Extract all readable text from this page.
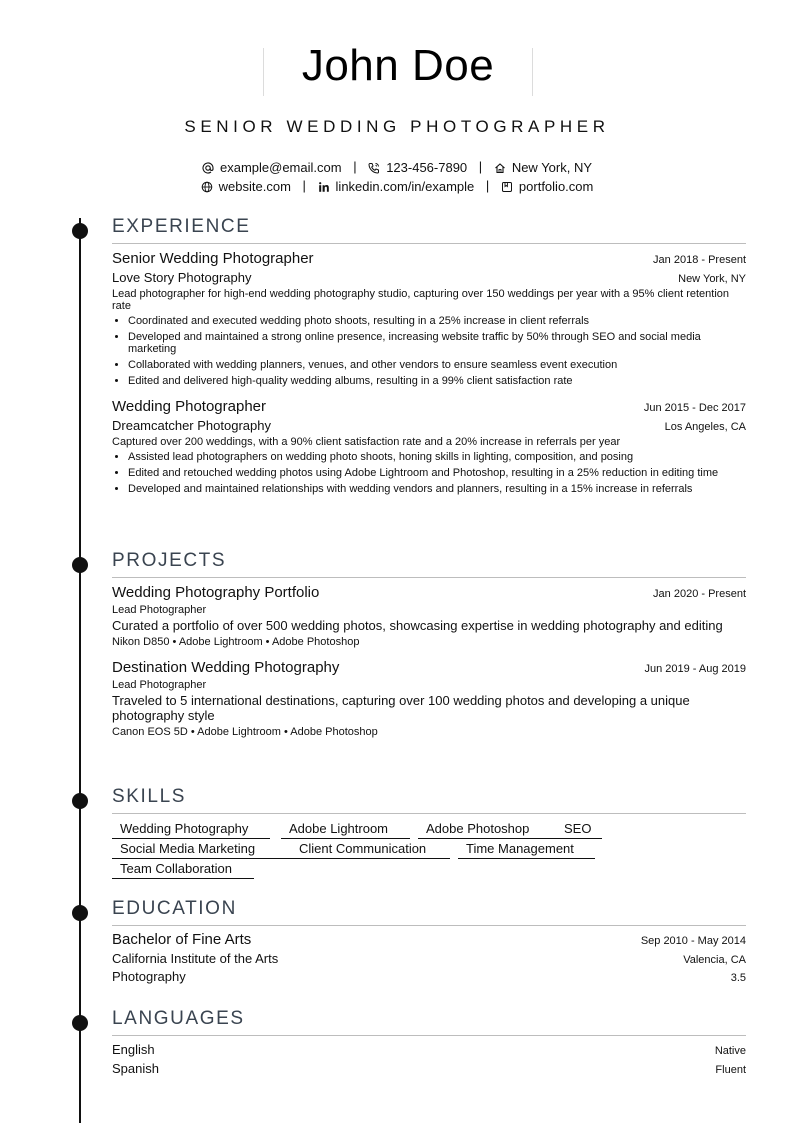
John Doe
SENIOR WEDDING PHOTOGRAPHER
example@email.com | 123-456-7890 | New York, NY
website.com | linkedin.com/in/example | portfolio.com
EXPERIENCE
Senior Wedding Photographer	Jan 2018 - Present
Love Story Photography	New York, NY
Lead photographer for high-end wedding photography studio, capturing over 150 weddings per year with a 95% client retention rate
• Coordinated and executed wedding photo shoots, resulting in a 25% increase in client referrals
• Developed and maintained a strong online presence, increasing website traffic by 50% through SEO and social media marketing
• Collaborated with wedding planners, venues, and other vendors to ensure seamless event execution
• Edited and delivered high-quality wedding albums, resulting in a 99% client satisfaction rate
Wedding Photographer	Jun 2015 - Dec 2017
Dreamcatcher Photography	Los Angeles, CA
Captured over 200 weddings, with a 90% client satisfaction rate and a 20% increase in referrals per year
• Assisted lead photographers on wedding photo shoots, honing skills in lighting, composition, and posing
• Edited and retouched wedding photos using Adobe Lightroom and Photoshop, resulting in a 25% reduction in editing time
• Developed and maintained relationships with wedding vendors and planners, resulting in a 15% increase in referrals
PROJECTS
Wedding Photography Portfolio	Jan 2020 - Present
Lead Photographer
Curated a portfolio of over 500 wedding photos, showcasing expertise in wedding photography and editing
Nikon D850 • Adobe Lightroom • Adobe Photoshop
Destination Wedding Photography	Jun 2019 - Aug 2019
Lead Photographer
Traveled to 5 international destinations, capturing over 100 wedding photos and developing a unique photography style
Canon EOS 5D • Adobe Lightroom • Adobe Photoshop
SKILLS
Wedding Photography	Adobe Lightroom	Adobe Photoshop	SEO
Social Media Marketing	Client Communication	Time Management
Team Collaboration
EDUCATION
Bachelor of Fine Arts	Sep 2010 - May 2014
California Institute of the Arts	Valencia, CA
Photography	3.5
LANGUAGES
English	Native
Spanish	Fluent
